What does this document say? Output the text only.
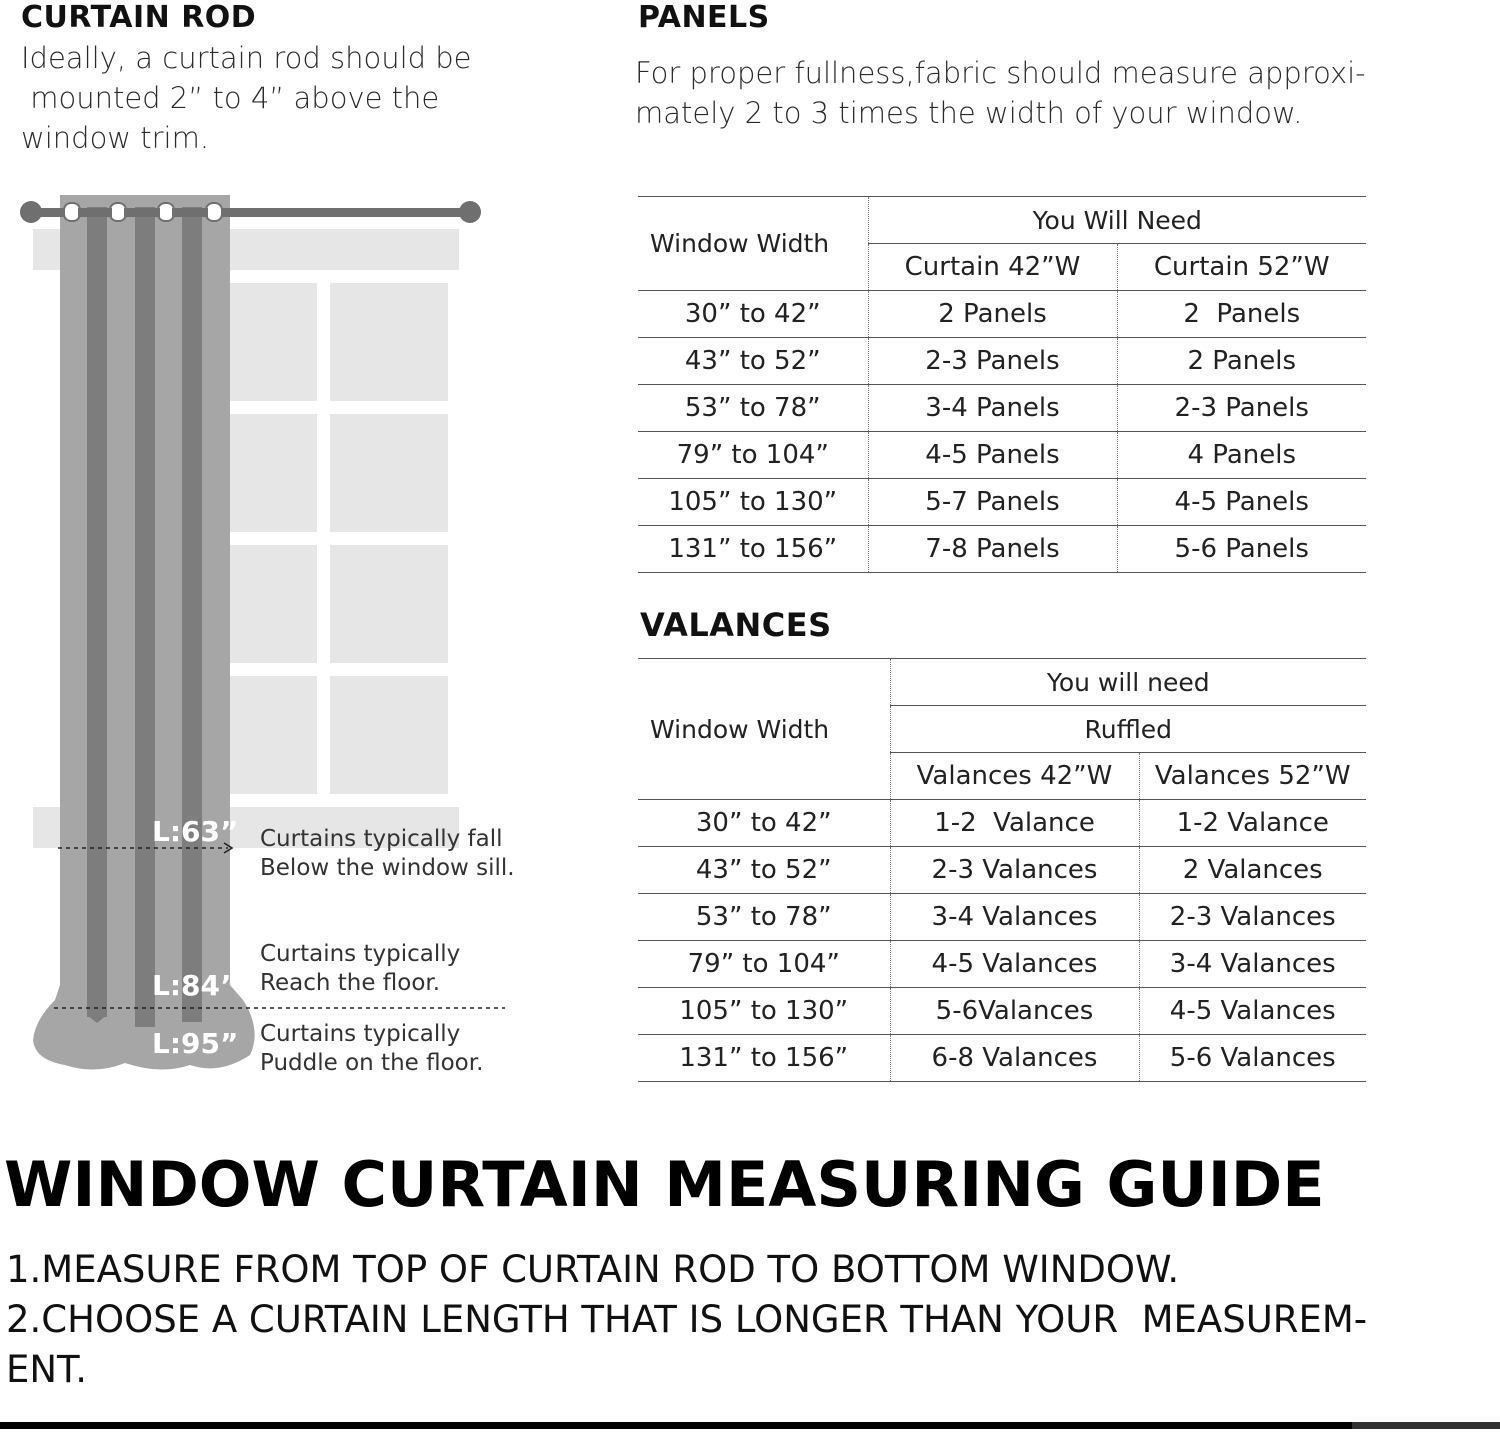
CURTAIN ROD
Ideally, a curtain rod should be
mounted 2” to 4” above the
window trim.
L:63”
L:84”
L:95”
Curtains typically fall
Below the window sill.
Curtains typically
Reach the floor.
Curtains typically
Puddle on the floor.
PANELS
For proper fullness,fabric should measure approxi-
mately 2 to 3 times the width of your window.
Window Width	You Will Need	
	Curtain 42”W	Curtain 52”W
30” to 42”	2 Panels	2  Panels
43” to 52”	2-3 Panels	2 Panels
53” to 78”	3-4 Panels	2-3 Panels
79” to 104”	4-5 Panels	4 Panels
105” to 130”	5-7 Panels	4-5 Panels
131” to 156”	7-8 Panels	5-6 Panels
VALANCES
Window Width	You will need	
	Ruffled	
	Valances 42”W	Valances 52”W
30” to 42”	1-2  Valance	1-2 Valance
43” to 52”	2-3 Valances	2 Valances
53” to 78”	3-4 Valances	2-3 Valances
79” to 104”	4-5 Valances	3-4 Valances
105” to 130”	5-6Valances	4-5 Valances
131” to 156”	6-8 Valances	5-6 Valances
WINDOW CURTAIN MEASURING GUIDE
1.MEASURE FROM TOP OF CURTAIN ROD TO BOTTOM WINDOW.
2.CHOOSE A CURTAIN LENGTH THAT IS LONGER THAN YOUR  MEASUREM-
ENT.
